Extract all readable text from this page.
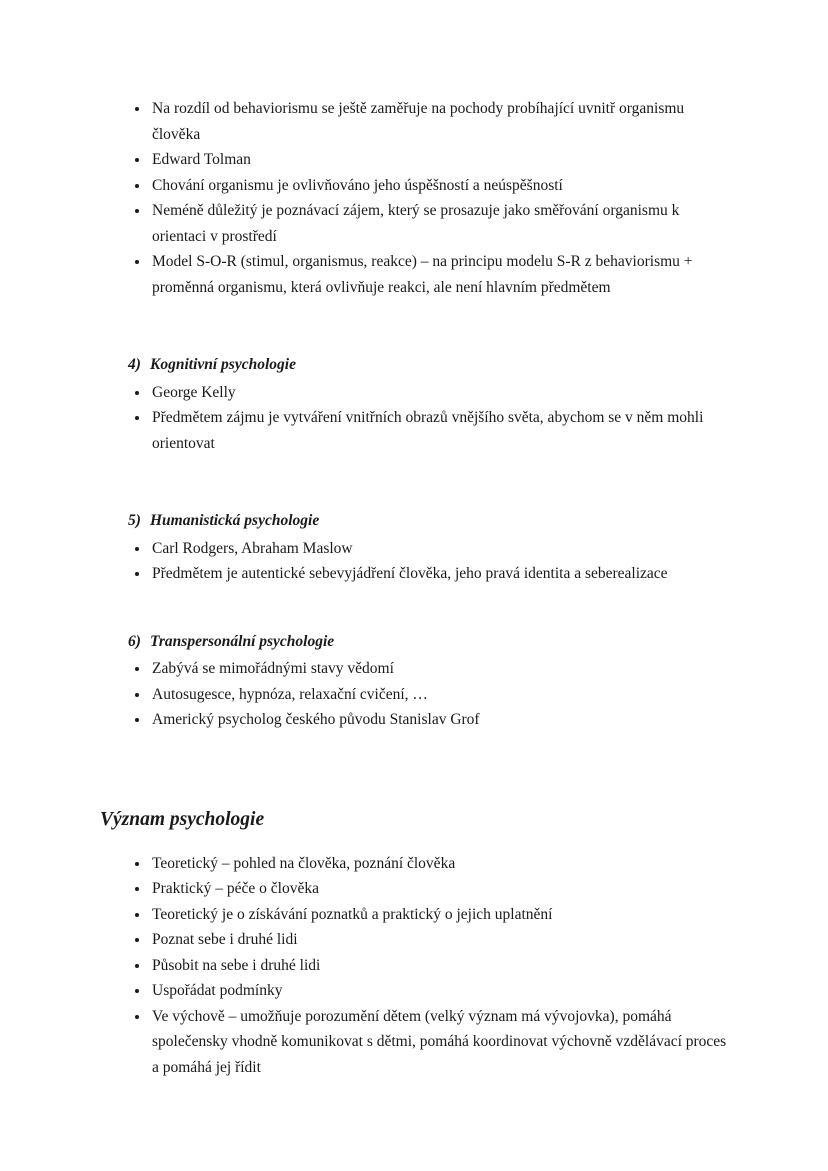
• Na rozdíl od behaviorismu se ještě zaměřuje na pochody probíhající uvnitř organismu člověka
• Edward Tolman
• Chování organismu je ovlivňováno jeho úspěšností a neúspěšností
• Neméně důležitý je poznávací zájem, který se prosazuje jako směřování organismu k orientaci v prostředí
• Model S-O-R (stimul, organismus, reakce) – na principu modelu S-R z behaviorismu + proměnná organismu, která ovlivňuje reakci, ale není hlavním předmětem
4) Kognitivní psychologie
• George Kelly
• Předmětem zájmu je vytváření vnitřních obrazů vnějšího světa, abychom se v něm mohli orientovat
5) Humanistická psychologie
• Carl Rodgers, Abraham Maslow
• Předmětem je autentické sebevyjádření člověka, jeho pravá identita a seberealizace
6) Transpersonální psychologie
• Zabývá se mimořádnými stavy vědomí
• Autosugesce, hypnóza, relaxační cvičení, …
• Americký psycholog českého původu Stanislav Grof
Význam psychologie
• Teoretický – pohled na člověka, poznání člověka
• Praktický – péče o člověka
• Teoretický je o získávání poznatků a praktický o jejich uplatnění
• Poznat sebe i druhé lidi
• Působit na sebe i druhé lidi
• Uspořádat podmínky
• Ve výchově – umožňuje porozumění dětem (velký význam má vývojovka), pomáhá společensky vhodně komunikovat s dětmi, pomáhá koordinovat výchovně vzdělávací proces a pomáhá jej řídit
